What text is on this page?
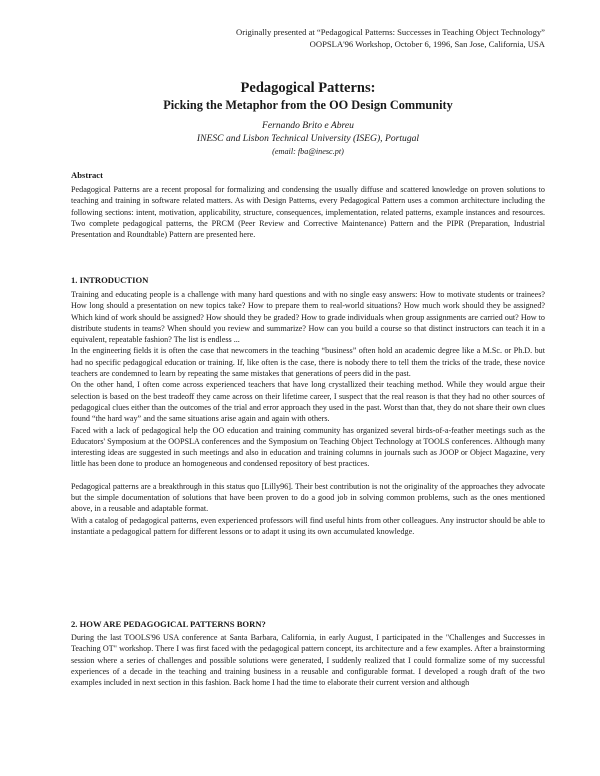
Originally presented at “Pedagogical Patterns: Successes in Teaching Object Technology”
OOPSLA'96 Workshop, October 6, 1996, San Jose, California, USA
Pedagogical Patterns:
Picking the Metaphor from the OO Design Community
Fernando Brito e Abreu
INESC and Lisbon Technical University (ISEG), Portugal
(email: fba@inesc.pt)
Abstract

Pedagogical Patterns are a recent proposal for formalizing and condensing the usually diffuse and scattered knowledge on proven solutions to teaching and training in software related matters. As with Design Patterns, every Pedagogical Pattern uses a common architecture including the following sections: intent, motivation, applicability, structure, consequences, implementation, related patterns, example instances and resources. Two complete pedagogical patterns, the PRCM (Peer Review and Corrective Maintenance) Pattern and the PIPR (Preparation, Industrial Presentation and Roundtable) Pattern are presented here.

1. INTRODUCTION

Training and educating people is a challenge with many hard questions and with no single easy answers: How to motivate students or trainees? How long should a presentation on new topics take? How to prepare them to real-world situations? How much work should they be assigned? Which kind of work should be assigned? How should they be graded? How to grade individuals when group assignments are carried out? How to distribute students in teams? When should you review and summarize? How can you build a course so that distinct instructors can teach it in a equivalent, repeatable fashion? The list is endless ...

In the engineering fields it is often the case that newcomers in the teaching “business” often hold an academic degree like a M.Sc. or Ph.D. but had no specific pedagogical education or training. If, like often is the case, there is nobody there to tell them the tricks of the trade, these novice teachers are condemned to learn by repeating the same mistakes that generations of peers did in the past.

On the other hand, I often come across experienced teachers that have long crystallized their teaching method. While they would argue their selection is based on the best tradeoff they came across on their lifetime career, I suspect that the real reason is that they had no other sources of pedagogical clues either than the outcomes of the trial and error approach they used in the past. Worst than that, they do not share their own clues found “the hard way” and the same situations arise again and again with others.

Faced with a lack of pedagogical help the OO education and training community has organized several birds-of-a-feather meetings such as the Educators' Symposium at the OOPSLA conferences and the Symposium on Teaching Object Technology at TOOLS conferences. Although many interesting ideas are suggested in such meetings and also in education and training columns in journals such as JOOP or Object Magazine, very little has been done to produce an homogeneous and condensed repository of best practices.

Pedagogical patterns are a breakthrough in this status quo [Lilly96]. Their best contribution is not the originality of the approaches they advocate but the simple documentation of solutions that have been proven to do a good job in solving common problems, such as the ones mentioned above, in a reusable and adaptable format.

With a catalog of pedagogical patterns, even experienced professors will find useful hints from other colleagues. Any instructor should be able to instantiate a pedagogical pattern for different lessons or to adapt it using its own accumulated knowledge.

2. HOW ARE PEDAGOGICAL PATTERNS BORN?

During the last TOOLS'96 USA conference at Santa Barbara, California, in early August, I participated in the "Challenges and Successes in Teaching OT" workshop. There I was first faced with the pedagogical pattern concept, its architecture and a few examples. After a brainstorming session where a series of challenges and possible solutions were generated, I suddenly realized that I could formalize some of my successful experiences of a decade in the teaching and training business in a reusable and configurable format. I developed a rough draft of the two examples included in next section in this fashion. Back home I had the time to elaborate their current version and although
